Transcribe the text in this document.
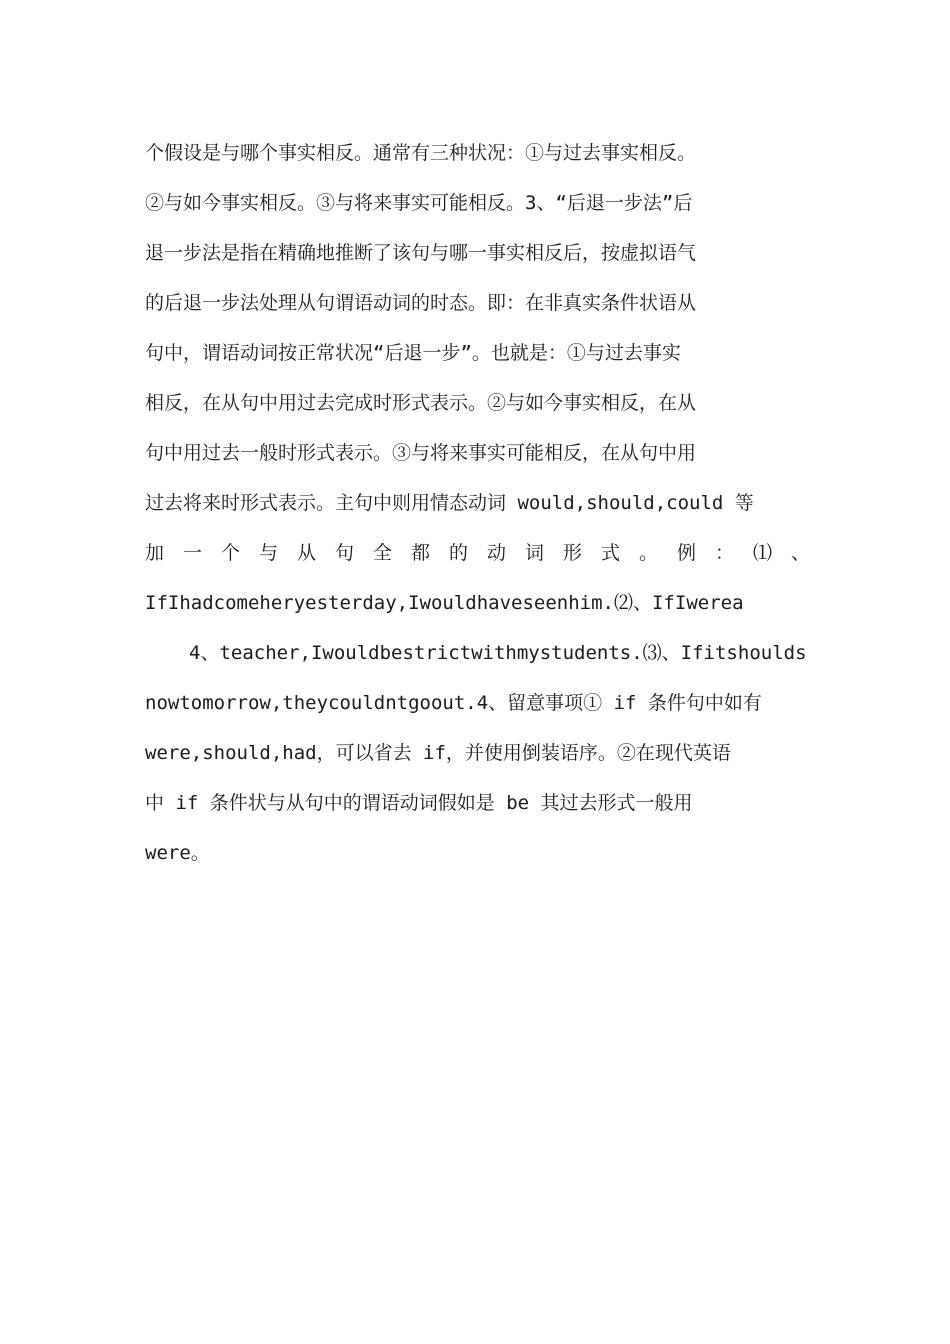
个假设是与哪个事实相反。通常有三种状况：①与过去事实相反。
②与如今事实相反。③与将来事实可能相反。3、“后退一步法”后
退一步法是指在精确地推断了该句与哪一事实相反后，按虚拟语气
的后退一步法处理从句谓语动词的时态。即：在非真实条件状语从
句中，谓语动词按正常状况“后退一步”。也就是：①与过去事实
相反，在从句中用过去完成时形式表示。②与如今事实相反，在从
句中用过去一般时形式表示。③与将来事实可能相反，在从句中用
过去将来时形式表示。主句中则用情态动词 would,should,could 等
加 一 个 与 从 句 全 都 的 动 词 形 式 。 例 ： ⑴ 、
IfIhadcomeheryesterday,Iwouldhaveseenhim.⑵、IfIwerea
4、teacher,Iwouldbestrictwithmystudents.⑶、Ifitshoulds
nowtomorrow,theycouldntgoout.4、留意事项① if 条件句中如有
were,should,had，可以省去 if，并使用倒装语序。②在现代英语
中 if 条件状与从句中的谓语动词假如是 be 其过去形式一般用
were。
